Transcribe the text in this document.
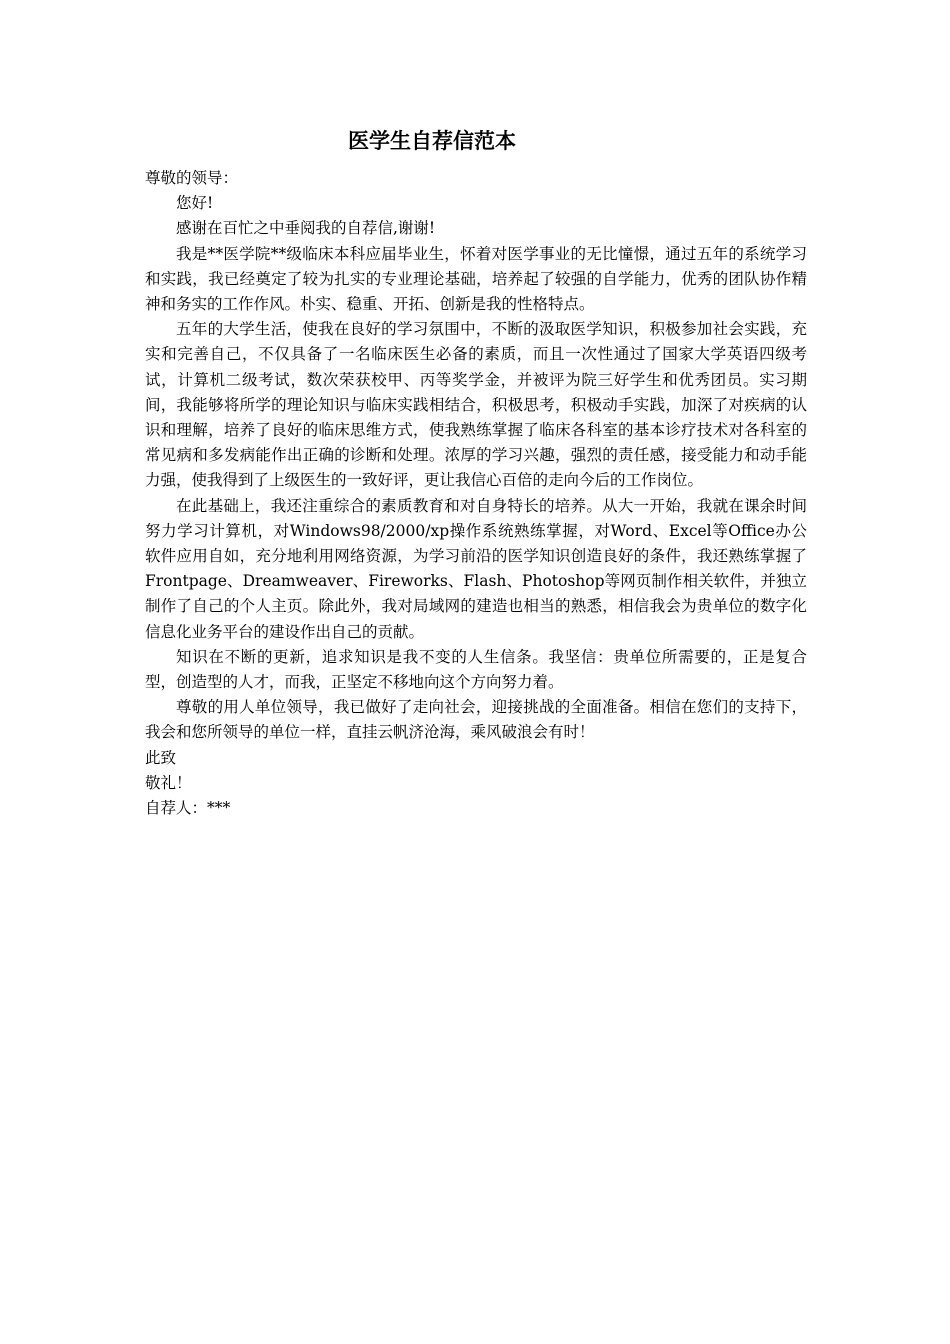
医学生自荐信范本

尊敬的领导：

您好!

感谢在百忙之中垂阅我的自荐信,谢谢!

我是**医学院**级临床本科应届毕业生，怀着对医学事业的无比憧憬，通过五年的系统学习和实践，我已经奠定了较为扎实的专业理论基础，培养起了较强的自学能力，优秀的团队协作精神和务实的工作作风。朴实、稳重、开拓、创新是我的性格特点。

五年的大学生活，使我在良好的学习氛围中，不断的汲取医学知识，积极参加社会实践，充实和完善自己，不仅具备了一名临床医生必备的素质，而且一次性通过了国家大学英语四级考试，计算机二级考试，数次荣获校甲、丙等奖学金，并被评为院三好学生和优秀团员。实习期间，我能够将所学的理论知识与临床实践相结合，积极思考，积极动手实践，加深了对疾病的认识和理解，培养了良好的临床思维方式，使我熟练掌握了临床各科室的基本诊疗技术对各科室的常见病和多发病能作出正确的诊断和处理。浓厚的学习兴趣，强烈的责任感，接受能力和动手能力强，使我得到了上级医生的一致好评，更让我信心百倍的走向今后的工作岗位。

在此基础上，我还注重综合的素质教育和对自身特长的培养。从大一开始，我就在课余时间努力学习计算机，对Windows98/2000/xp操作系统熟练掌握，对Word、Excel等Office办公软件应用自如，充分地利用网络资源，为学习前沿的医学知识创造良好的条件，我还熟练掌握了Frontpage、Dreamweaver、Fireworks、Flash、Photoshop等网页制作相关软件，并独立制作了自己的个人主页。除此外，我对局域网的建造也相当的熟悉，相信我会为贵单位的数字化信息化业务平台的建设作出自己的贡献。

知识在不断的更新，追求知识是我不变的人生信条。我坚信：贵单位所需要的，正是复合型，创造型的人才，而我，正坚定不移地向这个方向努力着。

尊敬的用人单位领导，我已做好了走向社会，迎接挑战的全面准备。相信在您们的支持下，我会和您所领导的单位一样，直挂云帆济沧海，乘风破浪会有时！

此致

敬礼！

自荐人：***
